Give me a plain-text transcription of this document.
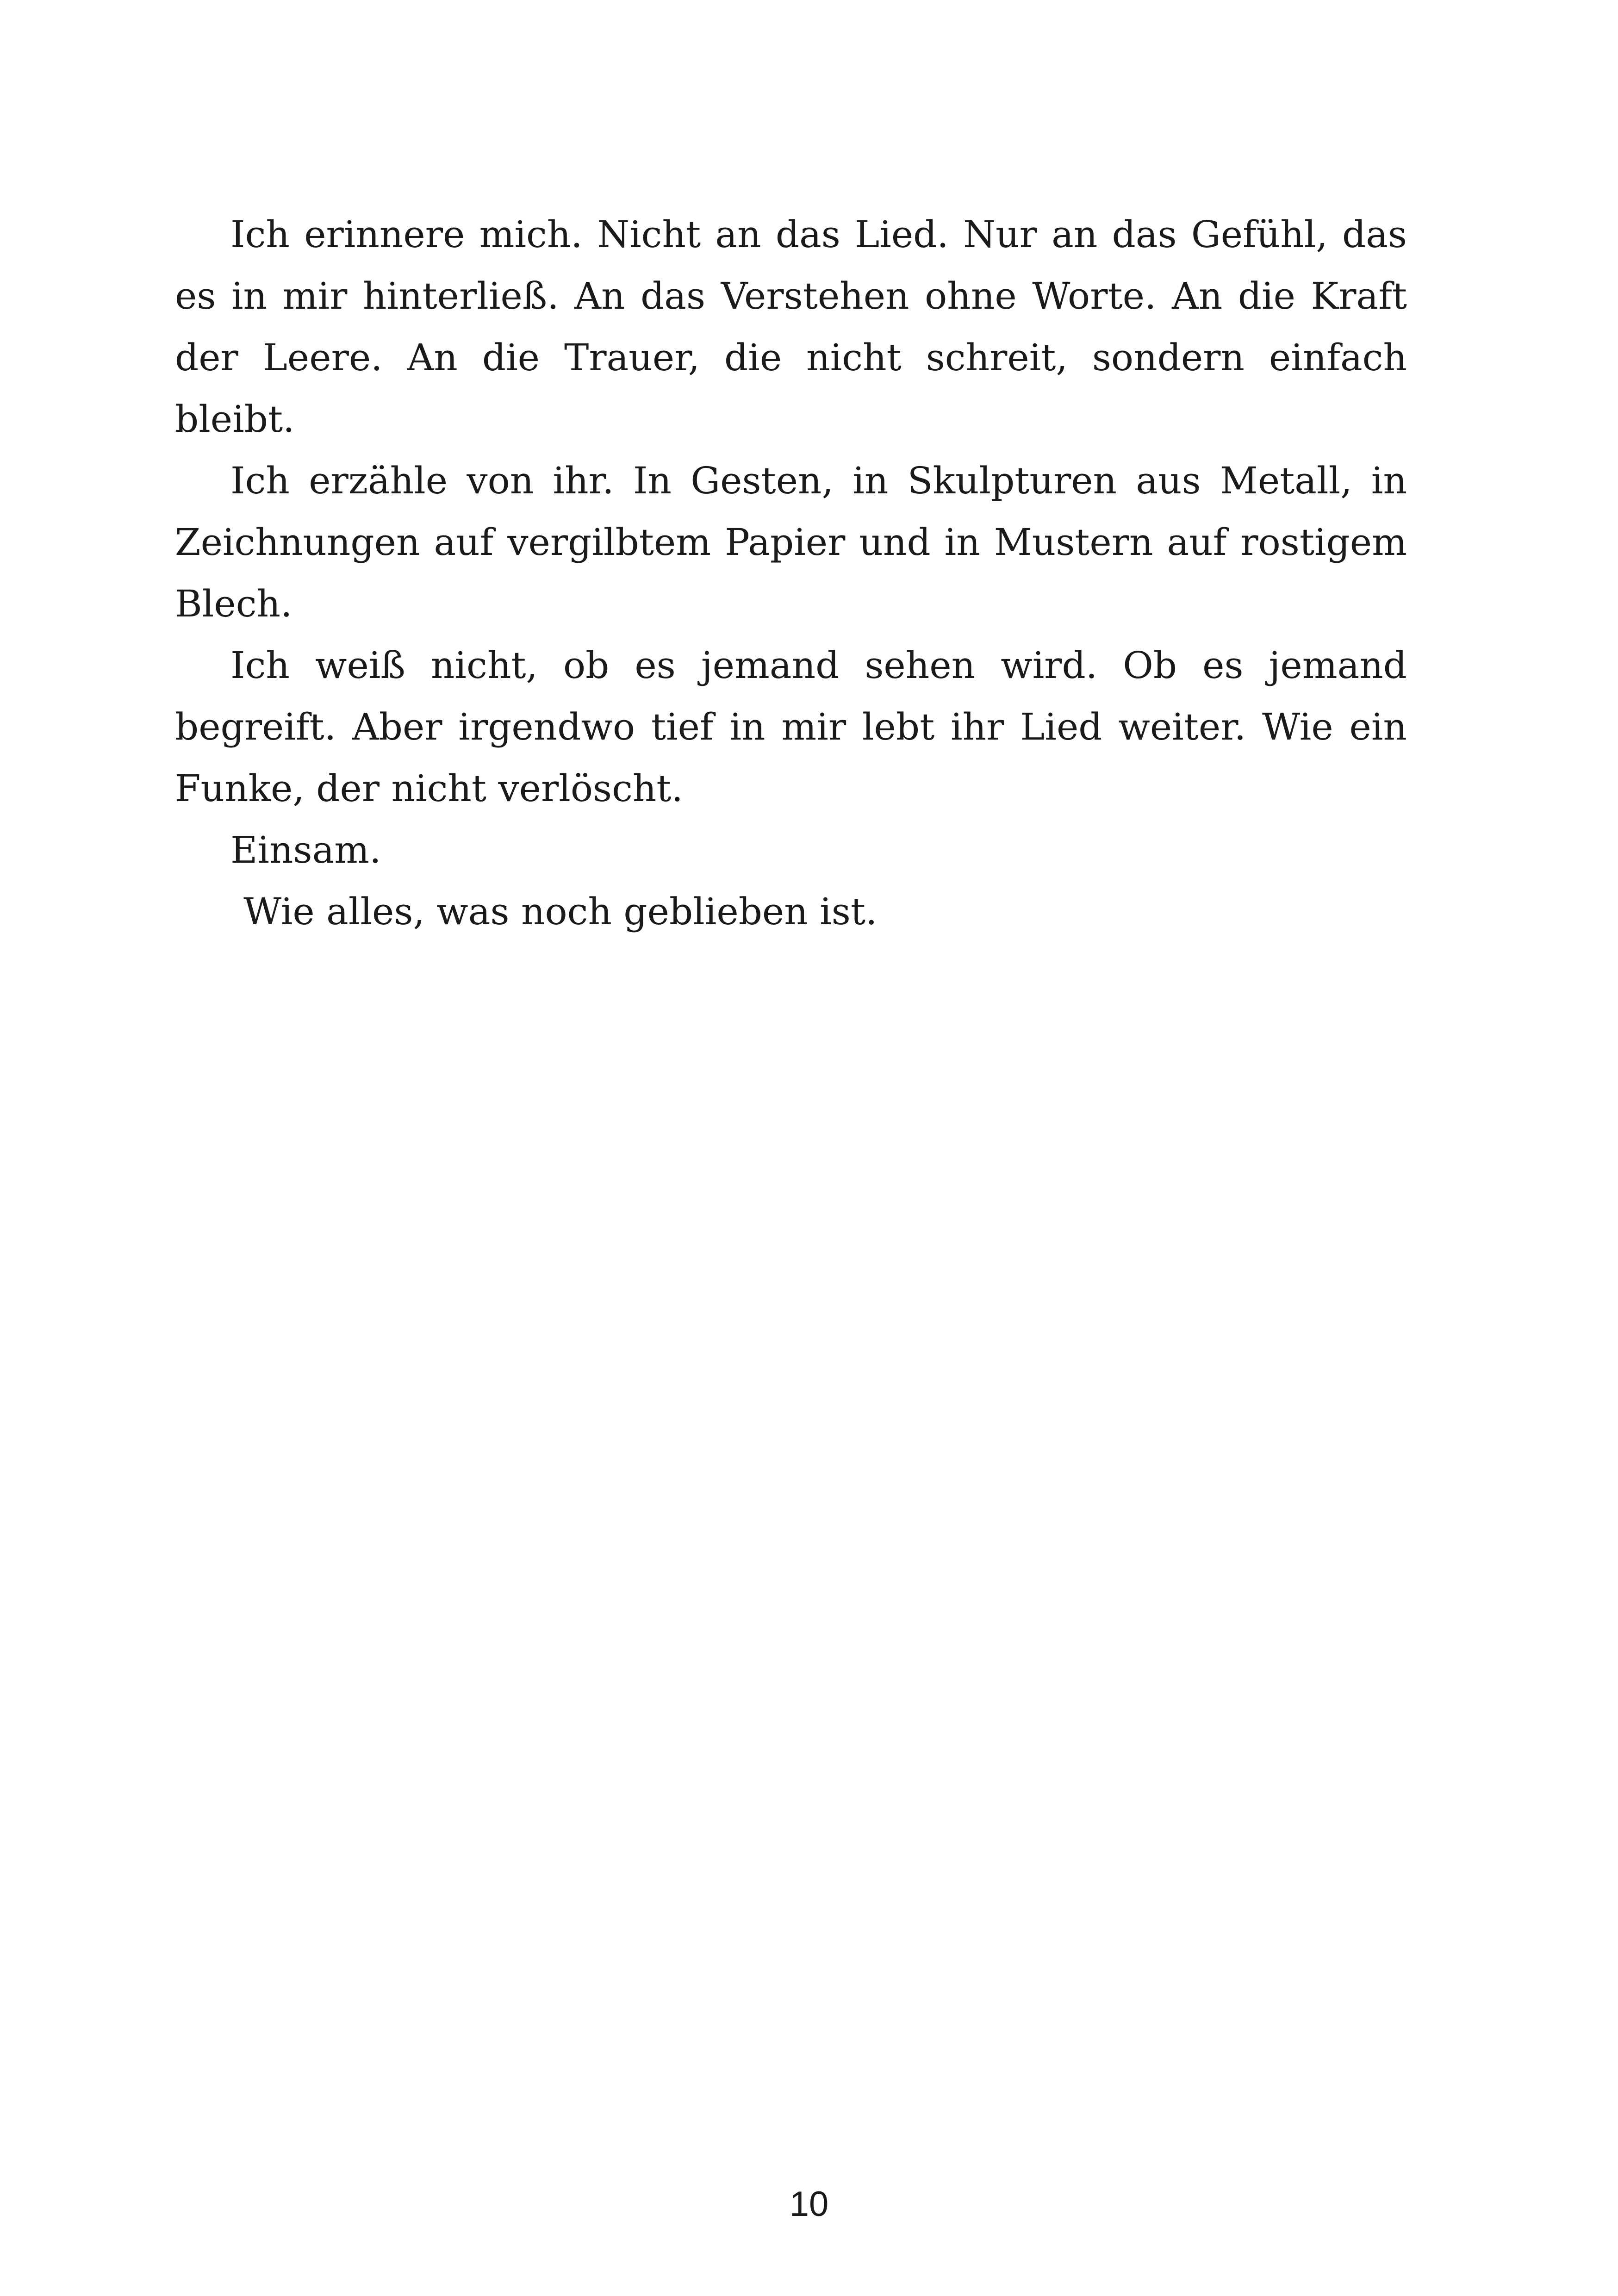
Ich erinnere mich. Nicht an das Lied. Nur an das Gefühl, das es in mir hinterließ. An das Verstehen ohne Worte. An die Kraft der Leere. An die Trauer, die nicht schreit, sondern einfach bleibt.

Ich erzähle von ihr. In Gesten, in Skulpturen aus Metall, in Zeichnungen auf vergilbtem Papier und in Mustern auf rostigem Blech.

Ich weiß nicht, ob es jemand sehen wird. Ob es jemand begreift. Aber irgendwo tief in mir lebt ihr Lied weiter. Wie ein Funke, der nicht verlöscht.

Einsam.

Wie alles, was noch geblieben ist.

10
